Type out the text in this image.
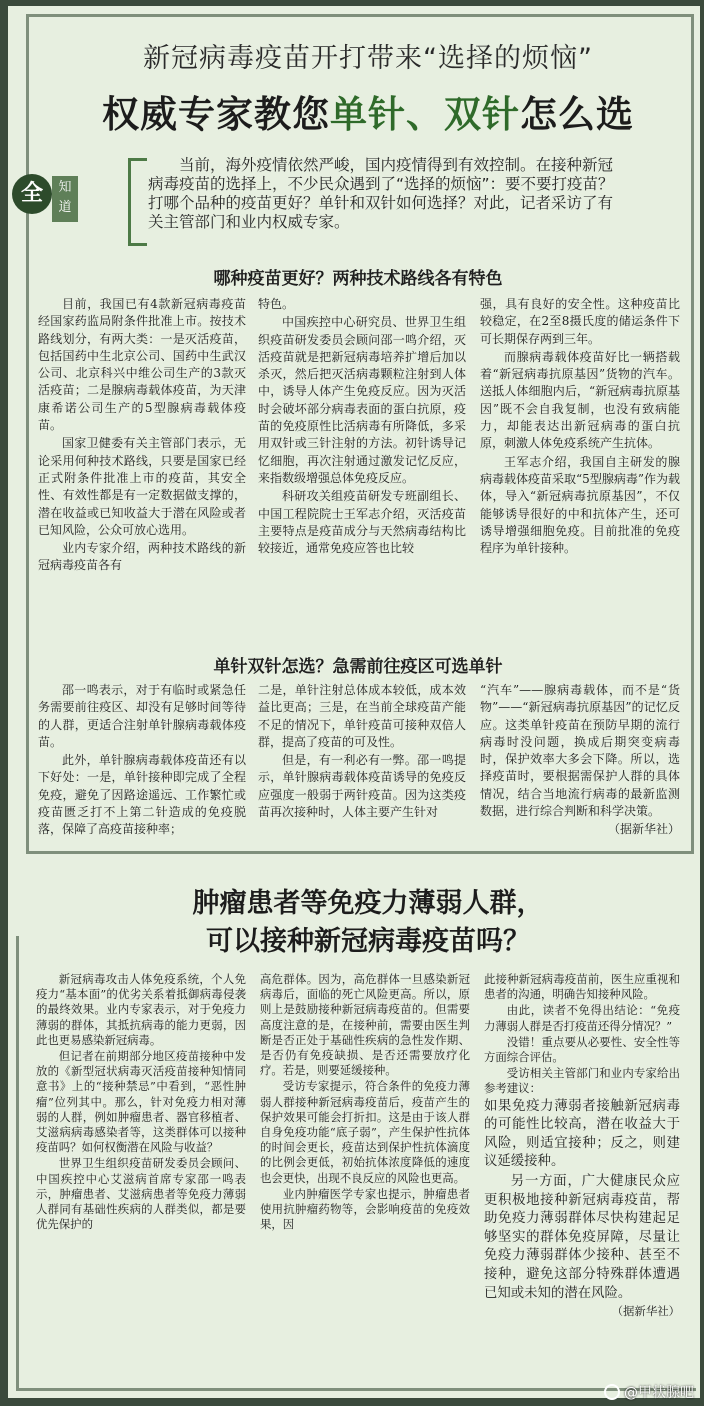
新冠病毒疫苗开打带来“选择的烦恼”
权威专家教您单针、双针怎么选
全	知
道
当前，海外疫情依然严峻，国内疫情得到有效控制。在接种新冠病毒疫苗的选择上，不少民众遇到了“选择的烦恼”：要不要打疫苗？打哪个品种的疫苗更好？单针和双针如何选择？对此，记者采访了有关主管部门和业内权威专家。
哪种疫苗更好？两种技术路线各有特色

目前，我国已有4款新冠病毒疫苗经国家药监局附条件批准上市。按技术路线划分，有两大类：一是灭活疫苗，包括国药中生北京公司、国药中生武汉公司、北京科兴中维公司生产的3款灭活疫苗；二是腺病毒载体疫苗，为天津康希诺公司生产的5型腺病毒载体疫苗。

国家卫健委有关主管部门表示，无论采用何种技术路线，只要是国家已经正式附条件批准上市的疫苗，其安全性、有效性都是有一定数据做支撑的，潜在收益或已知收益大于潜在风险或者已知风险，公众可放心选用。

业内专家介绍，两种技术路线的新冠病毒疫苗各有

特色。

中国疾控中心研究员、世界卫生组织疫苗研发委员会顾问邵一鸣介绍，灭活疫苗就是把新冠病毒培养扩增后加以杀灭，然后把灭活病毒颗粒注射到人体中，诱导人体产生免疫反应。因为灭活时会破坏部分病毒表面的蛋白抗原，疫苗的免疫原性比活病毒有所降低，多采用双针或三针注射的方法。初针诱导记忆细胞，再次注射通过激发记忆反应，来指数级增强总体免疫反应。

科研攻关组疫苗研发专班副组长、中国工程院院士王军志介绍，灭活疫苗主要特点是疫苗成分与天然病毒结构比较接近，通常免疫应答也比较

强，具有良好的安全性。这种疫苗比较稳定，在2至8摄氏度的储运条件下可长期保存两到三年。

而腺病毒载体疫苗好比一辆搭载着“新冠病毒抗原基因”货物的汽车。送抵人体细胞内后，“新冠病毒抗原基因”既不会自我复制，也没有致病能力，却能表达出新冠病毒的蛋白抗原，刺激人体免疫系统产生抗体。

王军志介绍，我国自主研发的腺病毒载体疫苗采取“5型腺病毒”作为载体，导入“新冠病毒抗原基因”，不仅能够诱导很好的中和抗体产生，还可诱导增强细胞免疫。目前批准的免疫程序为单针接种。

单针双针怎选？急需前往疫区可选单针

邵一鸣表示，对于有临时或紧急任务需要前往疫区、却没有足够时间等待的人群，更适合注射单针腺病毒载体疫苗。

此外，单针腺病毒载体疫苗还有以下好处：一是，单针接种即完成了全程免疫，避免了因路途遥远、工作繁忙或疫苗匮乏打不上第二针造成的免疫脱落，保障了高疫苗接种率；

二是，单针注射总体成本较低，成本效益比更高；三是，在当前全球疫苗产能不足的情况下，单针疫苗可接种双倍人群，提高了疫苗的可及性。

但是，有一利必有一弊。邵一鸣提示，单针腺病毒载体疫苗诱导的免疫反应强度一般弱于两针疫苗。因为这类疫苗再次接种时，人体主要产生针对

“汽车”——腺病毒载体，而不是“货物”——“新冠病毒抗原基因”的记忆反应。这类单针疫苗在预防早期的流行病毒时没问题，换成后期突变病毒时，保护效率大多会下降。所以，选择疫苗时，要根据需保护人群的具体情况，结合当地流行病毒的最新监测数据，进行综合判断和科学决策。

（据新华社）

肿瘤患者等免疫力薄弱人群，
可以接种新冠病毒疫苗吗？

新冠病毒攻击人体免疫系统，个人免疫力“基本面”的优劣关系着抵御病毒侵袭的最终效果。业内专家表示，对于免疫力薄弱的群体，其抵抗病毒的能力更弱，因此也更易感染新冠病毒。

但记者在前期部分地区疫苗接种中发放的《新型冠状病毒灭活疫苗接种知情同意书》上的“接种禁忌”中看到，“恶性肿瘤”位列其中。那么，针对免疫力相对薄弱的人群，例如肿瘤患者、器官移植者、艾滋病病毒感染者等，这类群体可以接种疫苗吗？如何权衡潜在风险与收益？

世界卫生组织疫苗研发委员会顾问、中国疾控中心艾滋病首席专家邵一鸣表示，肿瘤患者、艾滋病患者等免疫力薄弱人群同有基础性疾病的人群类似，都是要优先保护的

高危群体。因为，高危群体一旦感染新冠病毒后，面临的死亡风险更高。所以，原则上是鼓励接种新冠病毒疫苗的。但需要高度注意的是，在接种前，需要由医生判断是否正处于基础性疾病的急性发作期、是否仍有免疫缺损、是否还需要放疗化疗。若是，则要延缓接种。

受访专家提示，符合条件的免疫力薄弱人群接种新冠病毒疫苗后，疫苗产生的保护效果可能会打折扣。这是由于该人群自身免疫功能“底子弱”，产生保护性抗体的时间会更长，疫苗达到保护性抗体滴度的比例会更低，初始抗体浓度降低的速度也会更快，出现不良反应的风险也更高。

业内肿瘤医学专家也提示，肿瘤患者使用抗肿瘤药物等，会影响疫苗的免疫效果，因

此接种新冠病毒疫苗前，医生应重视和患者的沟通，明确告知接种风险。

由此，读者不免得出结论：“免疫力薄弱人群是否打疫苗还得分情况？”

没错！重点要从必要性、安全性等方面综合评估。

受访相关主管部门和业内专家给出参考建议：

如果免疫力薄弱者接触新冠病毒的可能性比较高，潜在收益大于风险，则适宜接种；反之，则建议延缓接种。

另一方面，广大健康民众应更积极地接种新冠病毒疫苗，帮助免疫力薄弱群体尽快构建起足够坚实的群体免疫屏障，尽量让免疫力薄弱群体少接种、甚至不接种，避免这部分特殊群体遭遇已知或未知的潜在风险。

（据新华社）

@甲状腺吧
